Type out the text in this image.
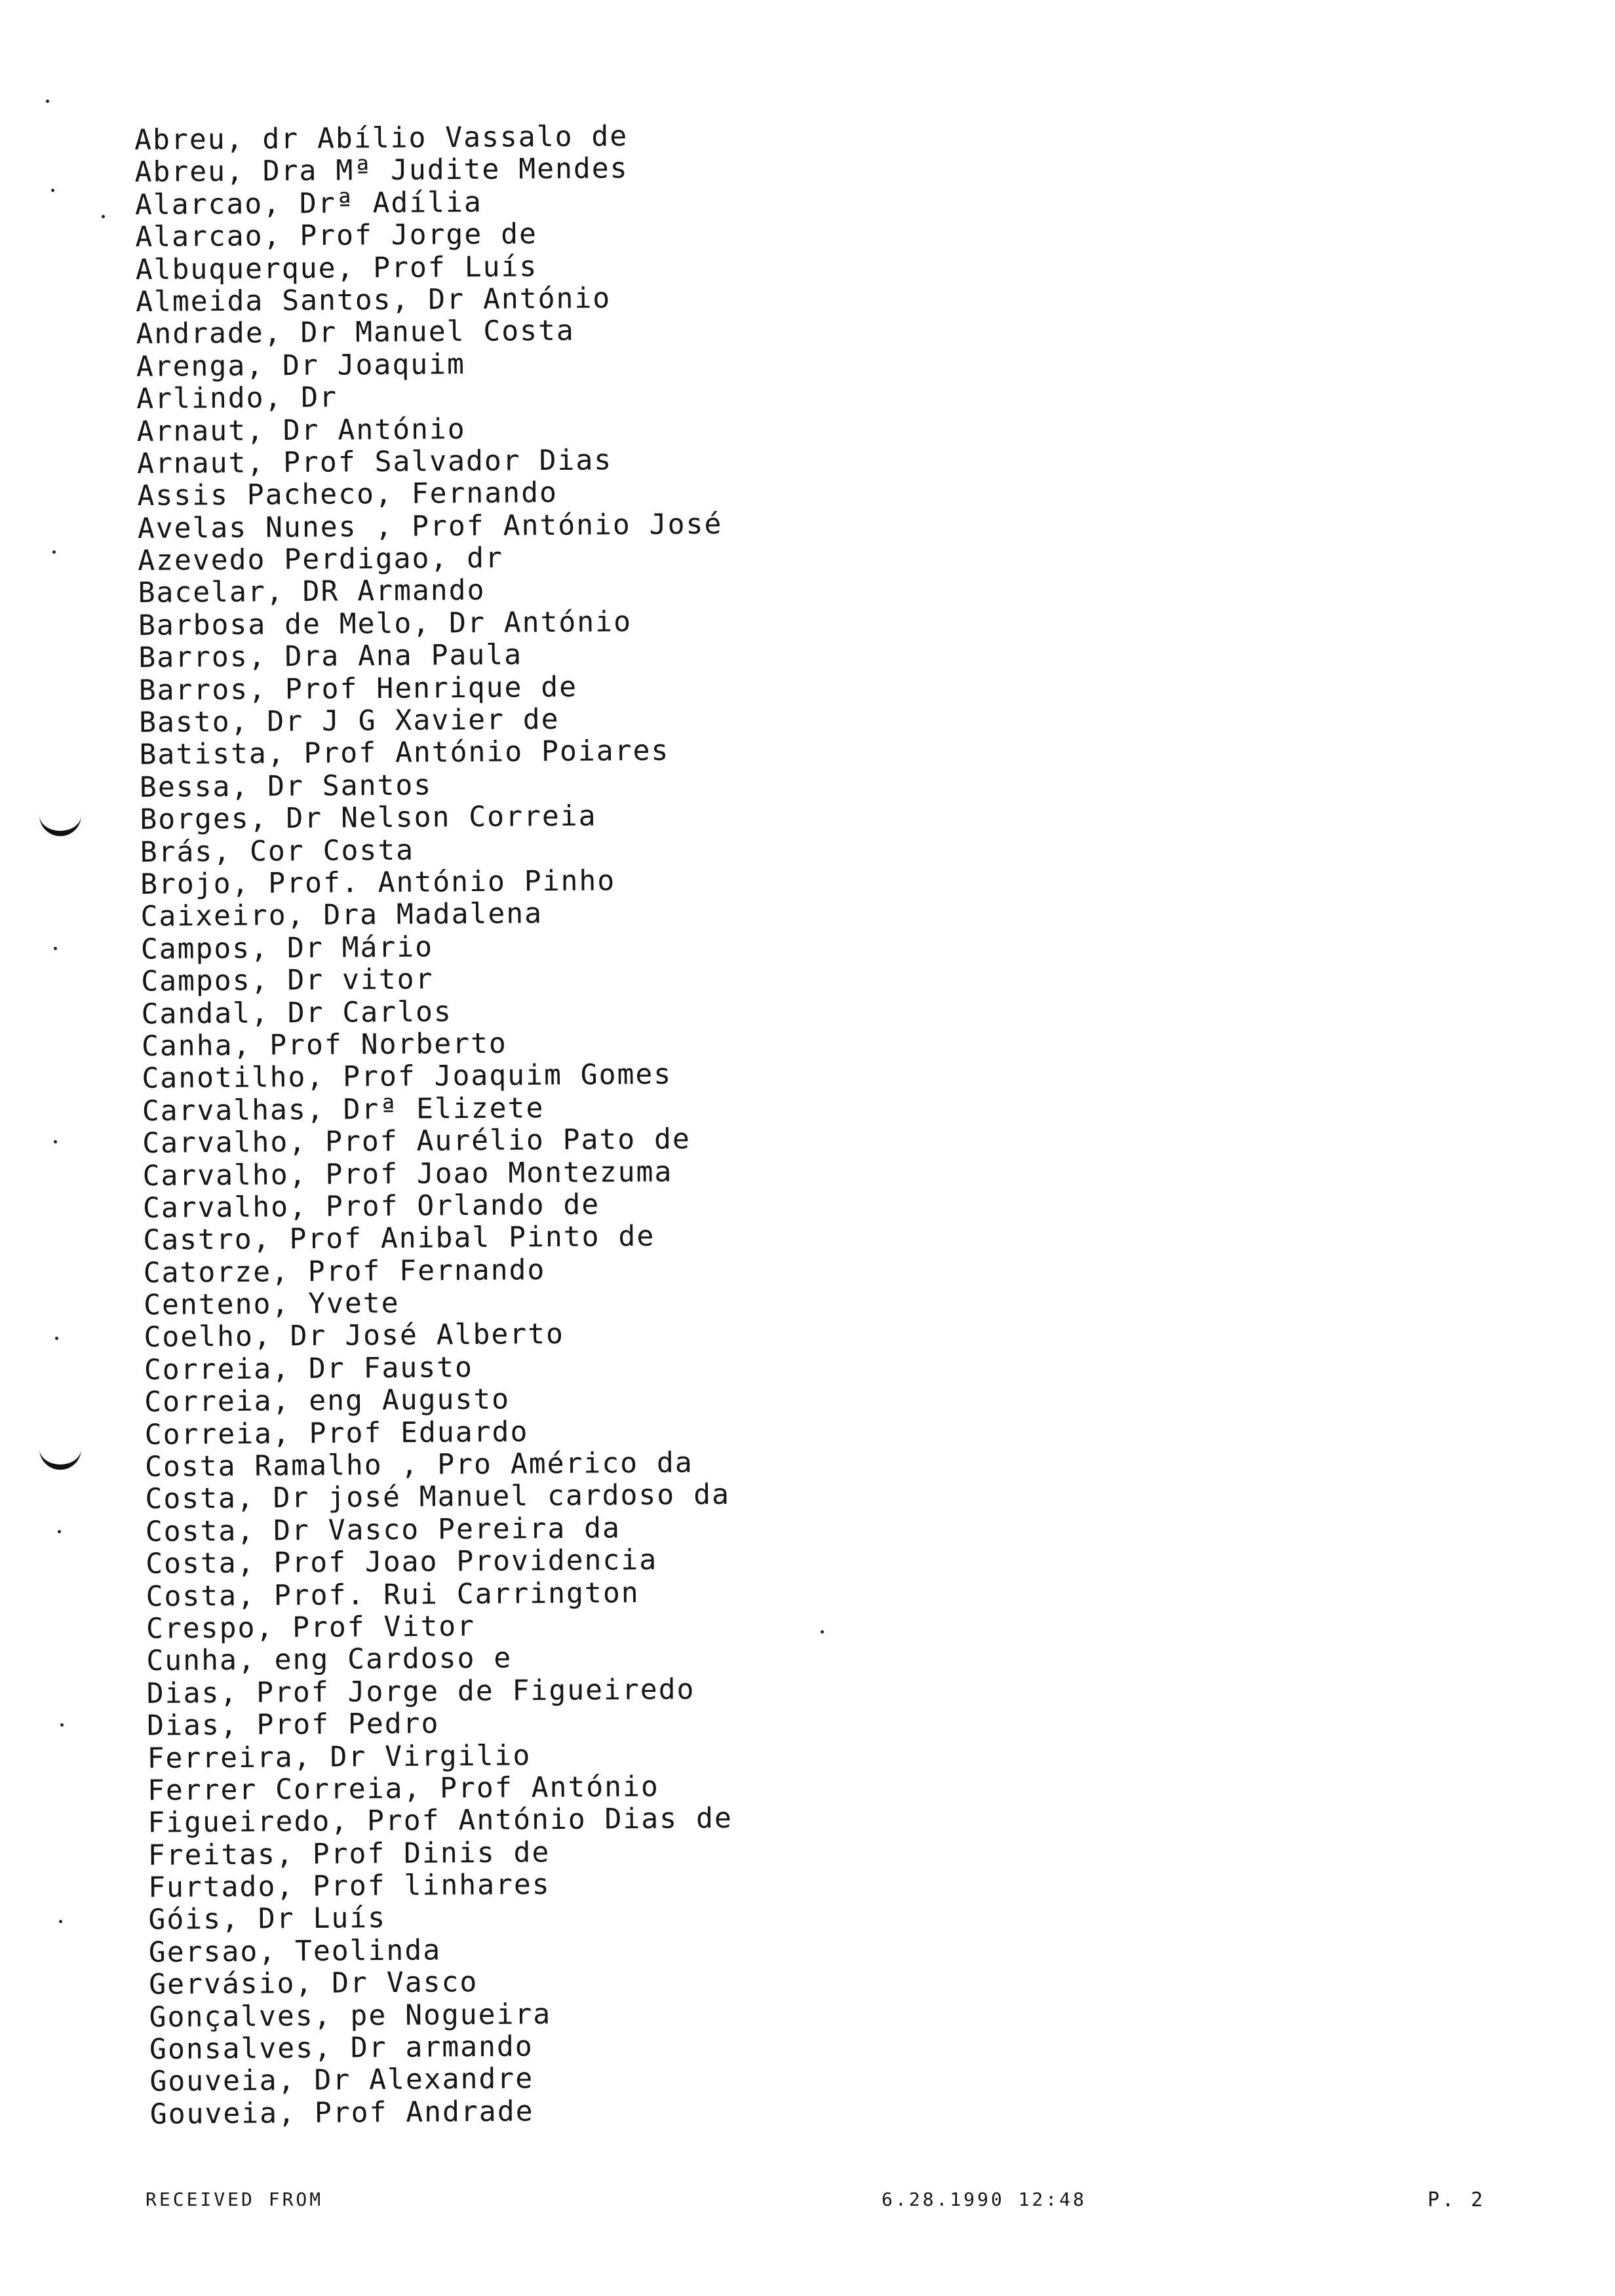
Abreu, dr Abílio Vassalo de
Abreu, Dra Mª Judite Mendes
Alarcao, Drª Adília
Alarcao, Prof Jorge de
Albuquerque, Prof Luís
Almeida Santos, Dr António
Andrade, Dr Manuel Costa
Arenga, Dr Joaquim
Arlindo, Dr
Arnaut, Dr António
Arnaut, Prof Salvador Dias
Assis Pacheco, Fernando
Avelas Nunes , Prof António José
Azevedo Perdigao, dr
Bacelar, DR Armando
Barbosa de Melo, Dr António
Barros, Dra Ana Paula
Barros, Prof Henrique de
Basto, Dr J G Xavier de
Batista, Prof António Poiares
Bessa, Dr Santos
Borges, Dr Nelson Correia
Brás, Cor Costa
Brojo, Prof. António Pinho
Caixeiro, Dra Madalena
Campos, Dr Mário
Campos, Dr vitor
Candal, Dr Carlos
Canha, Prof Norberto
Canotilho, Prof Joaquim Gomes
Carvalhas, Drª Elizete
Carvalho, Prof Aurélio Pato de
Carvalho, Prof Joao Montezuma
Carvalho, Prof Orlando de
Castro, Prof Anibal Pinto de
Catorze, Prof Fernando
Centeno, Yvete
Coelho, Dr José Alberto
Correia, Dr Fausto
Correia, eng Augusto
Correia, Prof Eduardo
Costa Ramalho , Pro Américo da
Costa, Dr josé Manuel cardoso da
Costa, Dr Vasco Pereira da
Costa, Prof Joao Providencia
Costa, Prof. Rui Carrington
Crespo, Prof Vitor
Cunha, eng Cardoso e
Dias, Prof Jorge de Figueiredo
Dias, Prof Pedro
Ferreira, Dr Virgilio
Ferrer Correia, Prof António
Figueiredo, Prof António Dias de
Freitas, Prof Dinis de
Furtado, Prof linhares
Góis, Dr Luís
Gersao, Teolinda
Gervásio, Dr Vasco
Gonçalves, pe Nogueira
Gonsalves, Dr armando
Gouveia, Dr Alexandre
Gouveia, Prof Andrade
RECEIVED FROM	6.28.1990 12:48	P. 2
